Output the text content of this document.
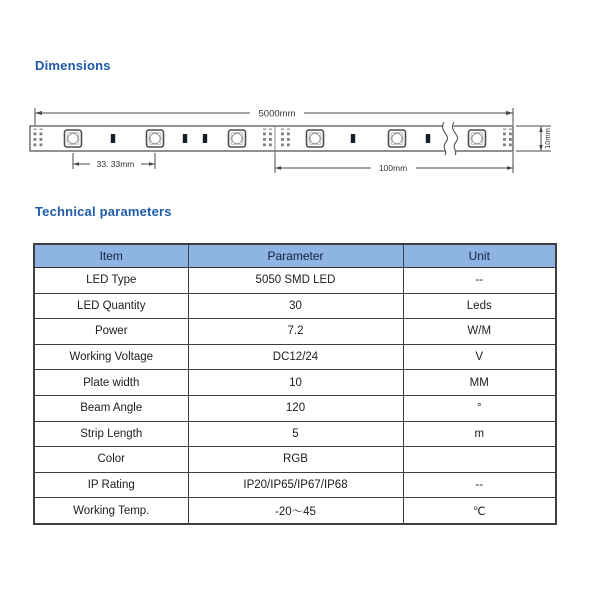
Dimensions
5000mm
33. 33mm	100mm
10mm
Technical parameters
Item	Parameter	Unit
LED Type	5050 SMD LED	--
LED Quantity	30	Leds
Power	7.2	W/M
Working Voltage	DC12/24	V
Plate width	10	MM
Beam Angle	120	°
Strip Length	5	m
Color	RGB	
IP Rating	IP20/IP65/IP67/IP68	--
Working Temp.	-20～45	℃
